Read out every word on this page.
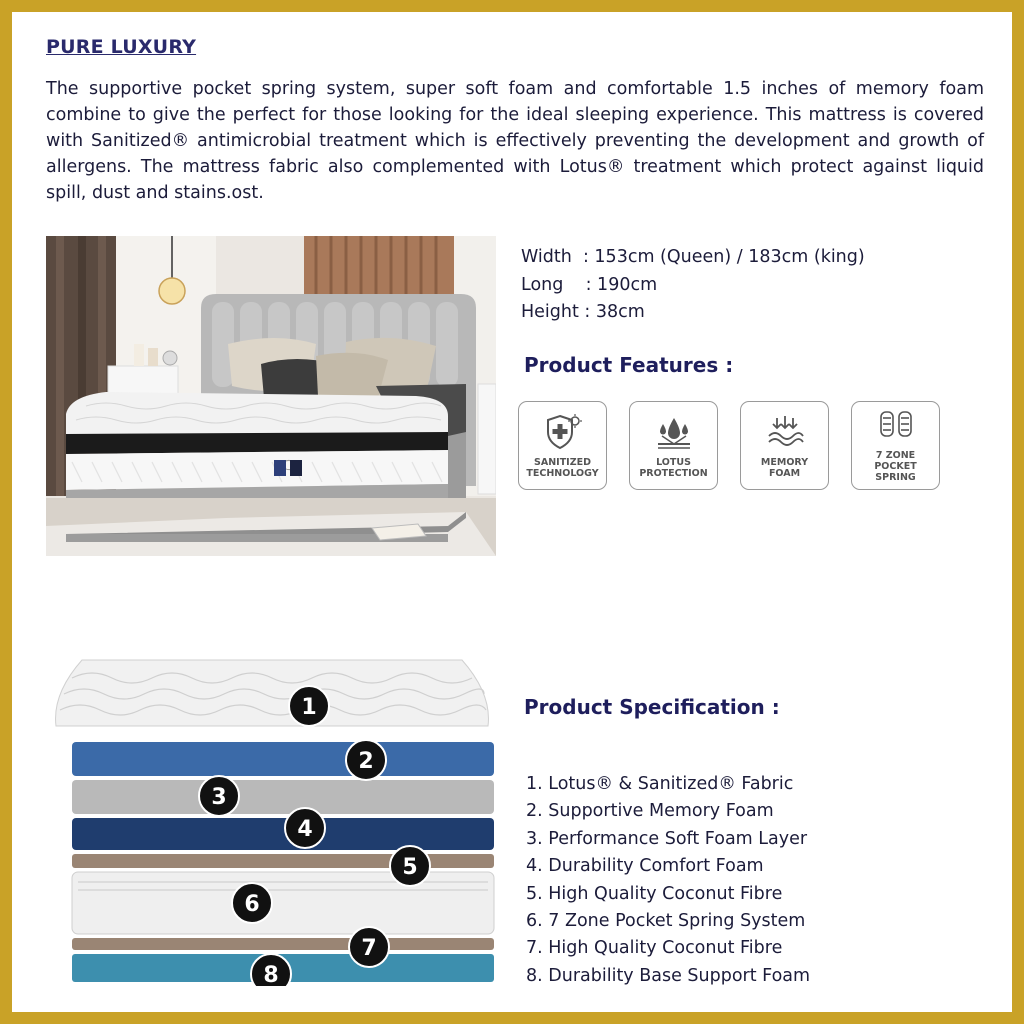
PURE LUXURY

The supportive pocket spring system, super soft foam and comfortable 1.5 inches of memory foam combine to give the perfect for those looking for the ideal sleeping experience. This mattress is covered with Sanitized® antimicrobial treatment which is effectively preventing the development and growth of allergens. The mattress fabric also complemented with Lotus® treatment which protect against liquid spill, dust and stains.ost.

Width  : 153cm (Queen) / 183cm (king)
Long    : 190cm
Height : 38cm
Product Features :
SANITIZED
TECHNOLOGY
LOTUS
PROTECTION
MEMORY
FOAM
7 ZONE
POCKET
SPRING
1
2
3
4
5
6
7
8
Product Specification :
1. Lotus® & Sanitized® Fabric
2. Supportive Memory Foam
3. Performance Soft Foam Layer
4. Durability Comfort Foam
5. High Quality Coconut Fibre
6. 7 Zone Pocket Spring System
7. High Quality Coconut Fibre
8. Durability Base Support Foam
